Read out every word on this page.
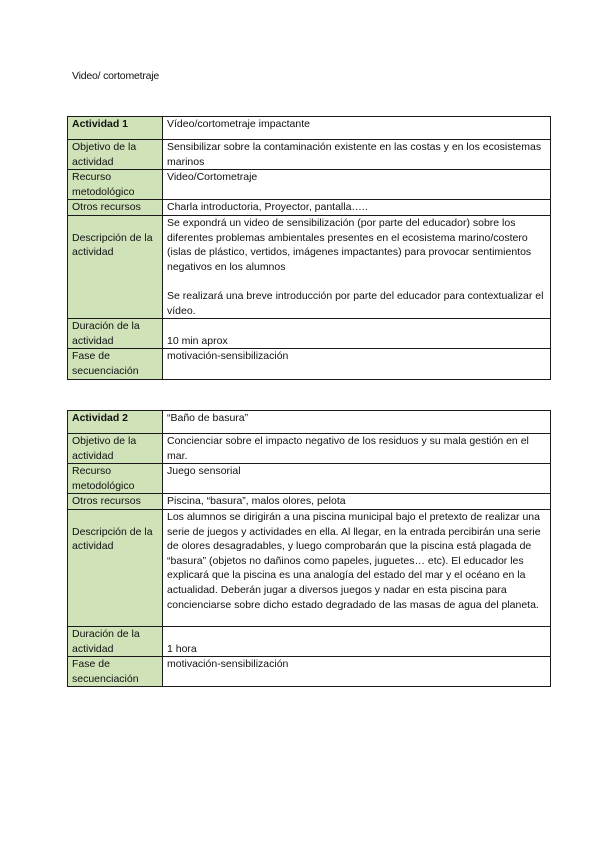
Video/ cortometraje
Actividad 1	Vídeo/cortometraje impactante
Objetivo de la actividad	Sensibilizar sobre la contaminación existente en las costas y en los ecosistemas marinos
Recurso metodológico	Video/Cortometraje
Otros recursos	Charla introductoria, Proyector, pantalla…..

Descripción de la actividad	Se expondrá un video de sensibilización (por parte del educador) sobre los diferentes problemas ambientales presentes en el ecosistema marino/costero (islas de plástico, vertidos, imágenes impactantes) para provocar sentimientos negativos en los alumnos
Se realizará una breve introducción por parte del educador para contextualizar el vídeo.

Duración de la actividad	10 min aprox
Fase de secuenciación	motivación-sensibilización
Actividad 2	“Baño de basura”
Objetivo de la actividad	Concienciar sobre el impacto negativo de los residuos y su mala gestión en el mar.
Recurso metodológico	Juego sensorial
Otros recursos	Piscina, “basura”, malos olores, pelota

Descripción de la actividad	Los alumnos se dirigirán a una piscina municipal bajo el pretexto de realizar una serie de juegos y actividades en ella. Al llegar, en la entrada percibirán una serie de olores desagradables, y luego comprobarán que la piscina está plagada de “basura” (objetos no dañinos como papeles, juguetes… etc). El educador les explicará que la piscina es una analogía del estado del mar y el océano en la actualidad. Deberán jugar a diversos juegos y nadar en esta piscina para concienciarse sobre dicho estado degradado de las masas de agua del planeta.

Duración de la actividad	1 hora
Fase de secuenciación	motivación-sensibilización
